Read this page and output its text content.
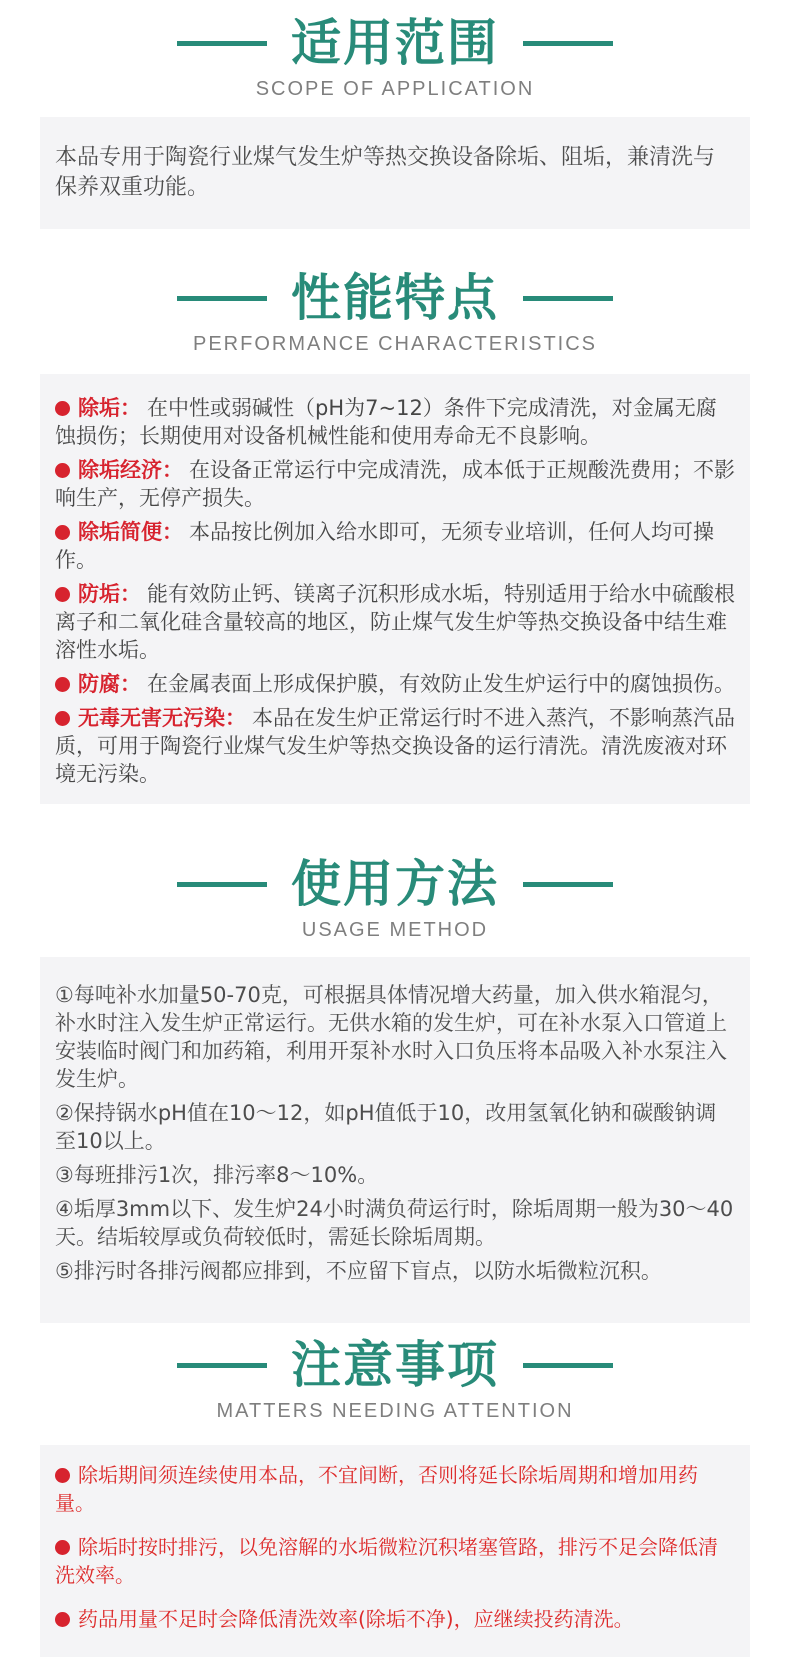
适用范围
SCOPE OF APPLICATION
本品专用于陶瓷行业煤气发生炉等热交换设备除垢、阻垢，兼清洗与保养双重功能。
性能特点
PERFORMANCE CHARACTERISTICS

除垢： 在中性或弱碱性（pH为7~12）条件下完成清洗，对金属无腐蚀损伤；长期使用对设备机械性能和使用寿命无不良影响。

除垢经济： 在设备正常运行中完成清洗，成本低于正规酸洗费用；不影响生产，无停产损失。

除垢简便： 本品按比例加入给水即可，无须专业培训，任何人均可操作。

防垢： 能有效防止钙、镁离子沉积形成水垢，特别适用于给水中硫酸根离子和二氧化硅含量较高的地区，防止煤气发生炉等热交换设备中结生难溶性水垢。

防腐： 在金属表面上形成保护膜，有效防止发生炉运行中的腐蚀损伤。

无毒无害无污染： 本品在发生炉正常运行时不进入蒸汽，不影响蒸汽品质，可用于陶瓷行业煤气发生炉等热交换设备的运行清洗。清洗废液对环境无污染。

使用方法
USAGE METHOD

①每吨补水加量50-70克，可根据具体情况增大药量，加入供水箱混匀，补水时注入发生炉正常运行。无供水箱的发生炉，可在补水泵入口管道上安装临时阀门和加药箱，利用开泵补水时入口负压将本品吸入补水泵注入发生炉。

②保持锅水pH值在10～12，如pH值低于10，改用氢氧化钠和碳酸钠调至10以上。

③每班排污1次，排污率8～10%。

④垢厚3mm以下、发生炉24小时满负荷运行时，除垢周期一般为30～40天。结垢较厚或负荷较低时，需延长除垢周期。

⑤排污时各排污阀都应排到，不应留下盲点，以防水垢微粒沉积。

注意事项
MATTERS NEEDING ATTENTION

除垢期间须连续使用本品，不宜间断，否则将延长除垢周期和增加用药量。

除垢时按时排污，以免溶解的水垢微粒沉积堵塞管路，排污不足会降低清洗效率。

药品用量不足时会降低清洗效率(除垢不净)，应继续投药清洗。
